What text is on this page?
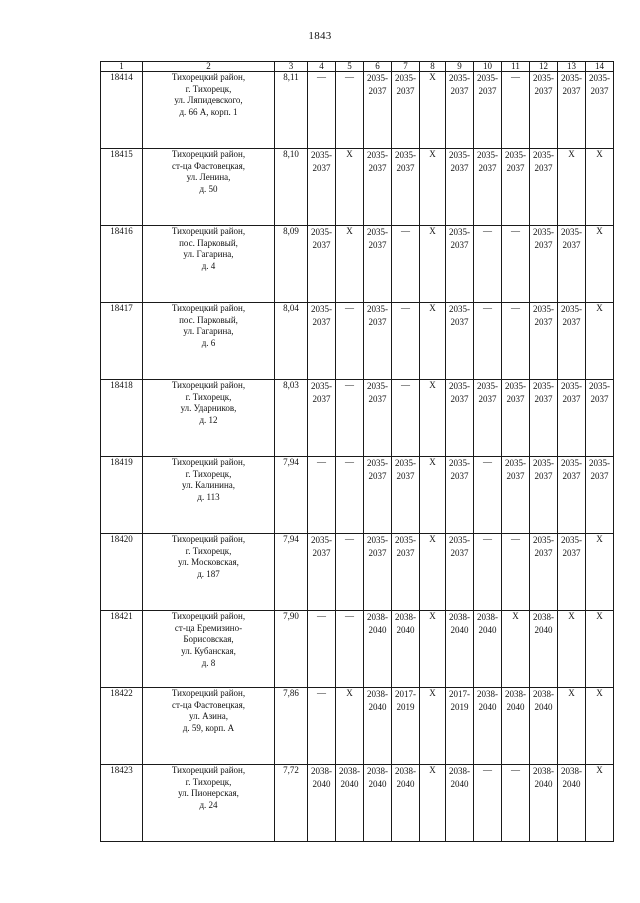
1843
1	2	3	4	5	6	7	8	9	10	11	12	13	14
18414	Тихорецкий район,
г. Тихорецк,
ул. Ляпидевского,
д. 66 А, корп. 1	8,11	—	—	2035-
2037	2035-
2037	X	2035-
2037	2035-
2037	—	2035-
2037	2035-
2037	2035-
2037
18415	Тихорецкий район,
ст-ца Фастовецкая,
ул. Ленина,
д. 50	8,10	2035-
2037	X	2035-
2037	2035-
2037	X	2035-
2037	2035-
2037	2035-
2037	2035-
2037	X	X
18416	Тихорецкий район,
пос. Парковый,
ул. Гагарина,
д. 4	8,09	2035-
2037	X	2035-
2037	—	X	2035-
2037	—	—	2035-
2037	2035-
2037	X
18417	Тихорецкий район,
пос. Парковый,
ул. Гагарина,
д. 6	8,04	2035-
2037	—	2035-
2037	—	X	2035-
2037	—	—	2035-
2037	2035-
2037	X
18418	Тихорецкий район,
г. Тихорецк,
ул. Ударников,
д. 12	8,03	2035-
2037	—	2035-
2037	—	X	2035-
2037	2035-
2037	2035-
2037	2035-
2037	2035-
2037	2035-
2037
18419	Тихорецкий район,
г. Тихорецк,
ул. Калинина,
д. 113	7,94	—	—	2035-
2037	2035-
2037	X	2035-
2037	—	2035-
2037	2035-
2037	2035-
2037	2035-
2037
18420	Тихорецкий район,
г. Тихорецк,
ул. Московская,
д. 187	7,94	2035-
2037	—	2035-
2037	2035-
2037	X	2035-
2037	—	—	2035-
2037	2035-
2037	X
18421	Тихорецкий район,
ст-ца Еремизино-
Борисовская,
ул. Кубанская,
д. 8	7,90	—	—	2038-
2040	2038-
2040	X	2038-
2040	2038-
2040	X	2038-
2040	X	X
18422	Тихорецкий район,
ст-ца Фастовецкая,
ул. Азина,
д. 59, корп. А	7,86	—	X	2038-
2040	2017-
2019	X	2017-
2019	2038-
2040	2038-
2040	2038-
2040	X	X
18423	Тихорецкий район,
г. Тихорецк,
ул. Пионерская,
д. 24	7,72	2038-
2040	2038-
2040	2038-
2040	2038-
2040	X	2038-
2040	—	—	2038-
2040	2038-
2040	X
